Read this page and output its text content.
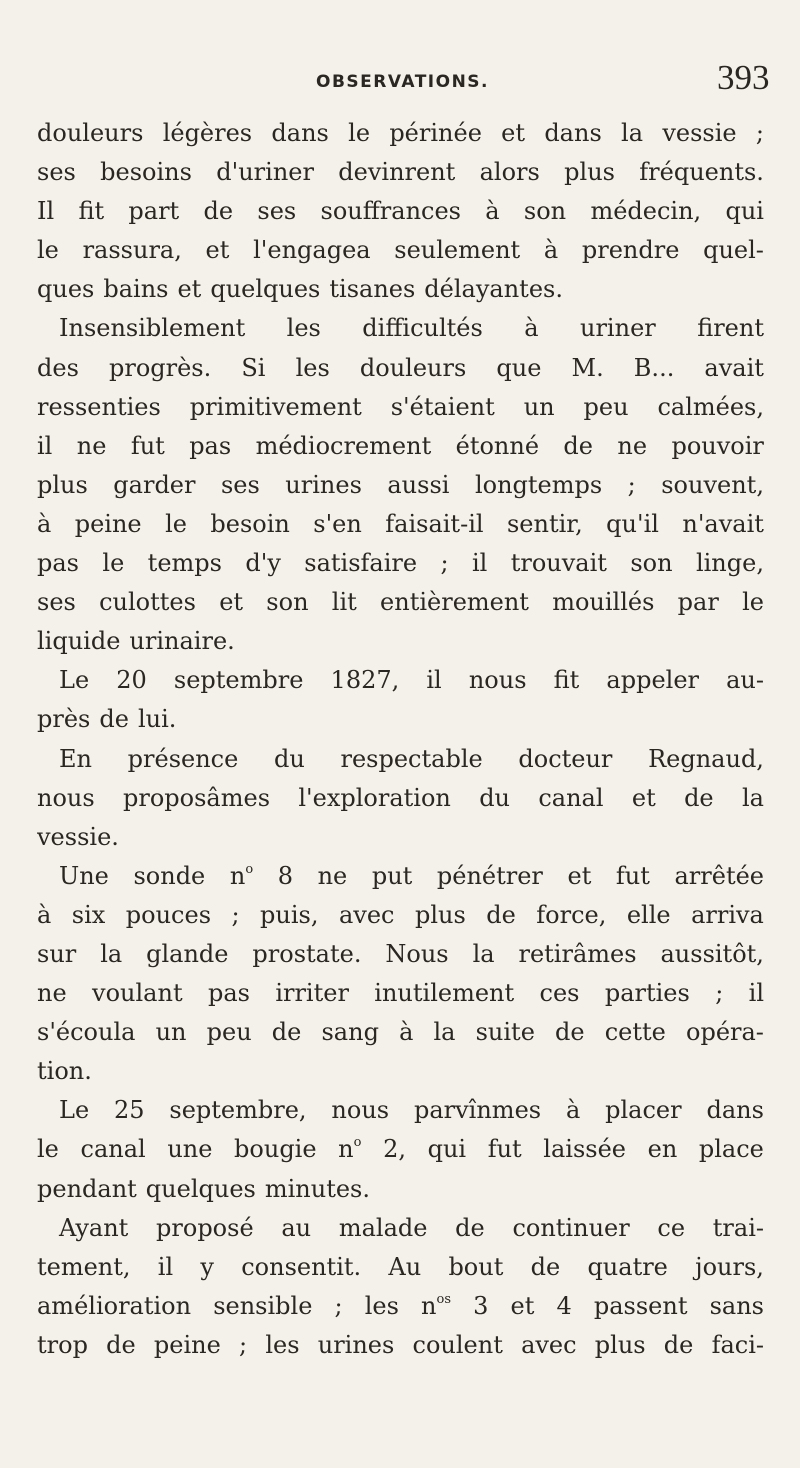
OBSERVATIONS.	393
douleurs légères dans le périnée et dans la vessie ;
ses besoins d'uriner devinrent alors plus fréquents.
Il fit part de ses souffrances à son médecin, qui
le rassura, et l'engagea seulement à prendre quel-
ques bains et quelques tisanes délayantes.
Insensiblement les difficultés à uriner firent
des progrès. Si les douleurs que M. B... avait
ressenties primitivement s'étaient un peu calmées,
il ne fut pas médiocrement étonné de ne pouvoir
plus garder ses urines aussi longtemps ; souvent,
à peine le besoin s'en faisait-il sentir, qu'il n'avait
pas le temps d'y satisfaire ; il trouvait son linge,
ses culottes et son lit entièrement mouillés par le
liquide urinaire.
Le 20 septembre 1827, il nous fit appeler au-
près de lui.
En présence du respectable docteur Regnaud,
nous proposâmes l'exploration du canal et de la
vessie.
Une sonde $n^o$ 8 ne put pénétrer et fut arrêtée
à six pouces ; puis, avec plus de force, elle arriva
sur la glande prostate. Nous la retirâmes aussitôt,
ne voulant pas irriter inutilement ces parties ; il
s'écoula un peu de sang à la suite de cette opéra-
tion.
Le 25 septembre, nous parvînmes à placer dans
le canal une bougie $n^o$ 2, qui fut laissée en place
pendant quelques minutes.
Ayant proposé au malade de continuer ce trai-
tement, il y consentit. Au bout de quatre jours,
amélioration sensible ; les $n^{os}$ 3 et 4 passent sans
trop de peine ; les urines coulent avec plus de faci-
